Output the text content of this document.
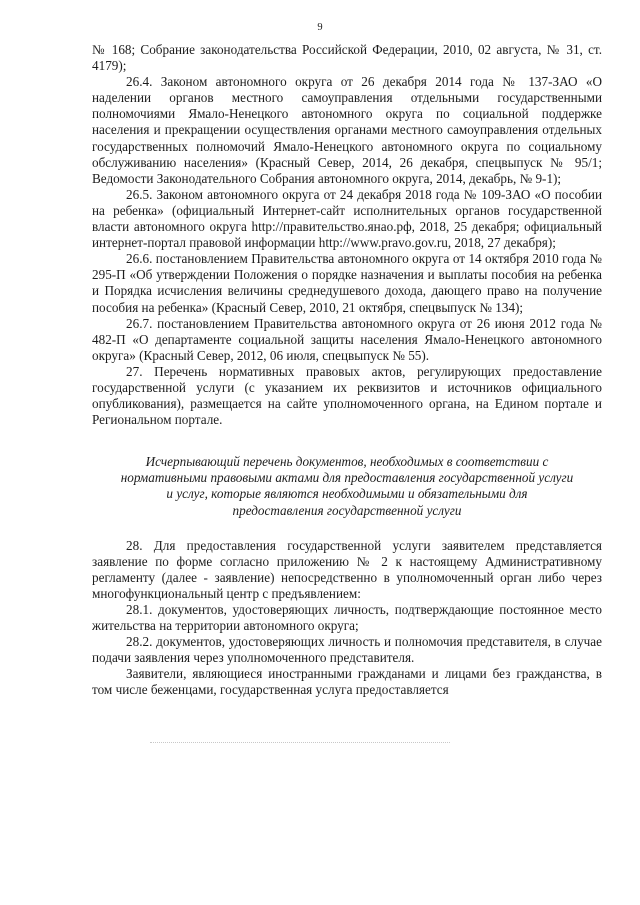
9

№ 168; Собрание законодательства Российской Федерации, 2010, 02 августа, № 31, ст. 4179);

26.4. Законом автономного округа от 26 декабря 2014 года № 137-ЗАО «О наделении органов местного самоуправления отдельными государственными полномочиями Ямало-Ненецкого автономного округа по социальной поддержке населения и прекращении осуществления органами местного самоуправления отдельных государственных полномочий Ямало-Ненецкого автономного округа по социальному обслуживанию населения» (Красный Север, 2014, 26 декабря, спецвыпуск № 95/1; Ведомости Законодательного Собрания автономного округа, 2014, декабрь, № 9-1);

26.5. Законом автономного округа от 24 декабря 2018 года № 109-ЗАО «О пособии на ребенка» (официальный Интернет-сайт исполнительных органов государственной власти автономного округа http://правительство.янао.рф, 2018, 25 декабря; официальный интернет-портал правовой информации http://www.pravo.gov.ru, 2018, 27 декабря);

26.6. постановлением Правительства автономного округа от 14 октября 2010 года № 295-П «Об утверждении Положения о порядке назначения и выплаты пособия на ребенка и Порядка исчисления величины среднедушевого дохода, дающего право на получение пособия на ребенка» (Красный Север, 2010, 21 октября, спецвыпуск № 134);

26.7. постановлением Правительства автономного округа от 26 июня 2012 года № 482-П «О департаменте социальной защиты населения Ямало-Ненецкого автономного округа» (Красный Север, 2012, 06 июля, спецвыпуск № 55).

27. Перечень нормативных правовых актов, регулирующих предоставление государственной услуги (с указанием их реквизитов и источников официального опубликования), размещается на сайте уполномоченного органа, на Едином портале и Региональном портале.

Исчерпывающий перечень документов, необходимых в соответствии с
нормативными правовыми актами для предоставления государственной услуги
и услуг, которые являются необходимыми и обязательными для
предоставления государственной услуги

28. Для предоставления государственной услуги заявителем представляется заявление по форме согласно приложению № 2 к настоящему Административному регламенту (далее - заявление) непосредственно в уполномоченный орган либо через многофункциональный центр с предъявлением:

28.1. документов, удостоверяющих личность, подтверждающие постоянное место жительства на территории автономного округа;

28.2. документов, удостоверяющих личность и полномочия представителя, в случае подачи заявления через уполномоченного представителя.

Заявители, являющиеся иностранными гражданами и лицами без гражданства, в том числе беженцами, государственная услуга предоставляется
